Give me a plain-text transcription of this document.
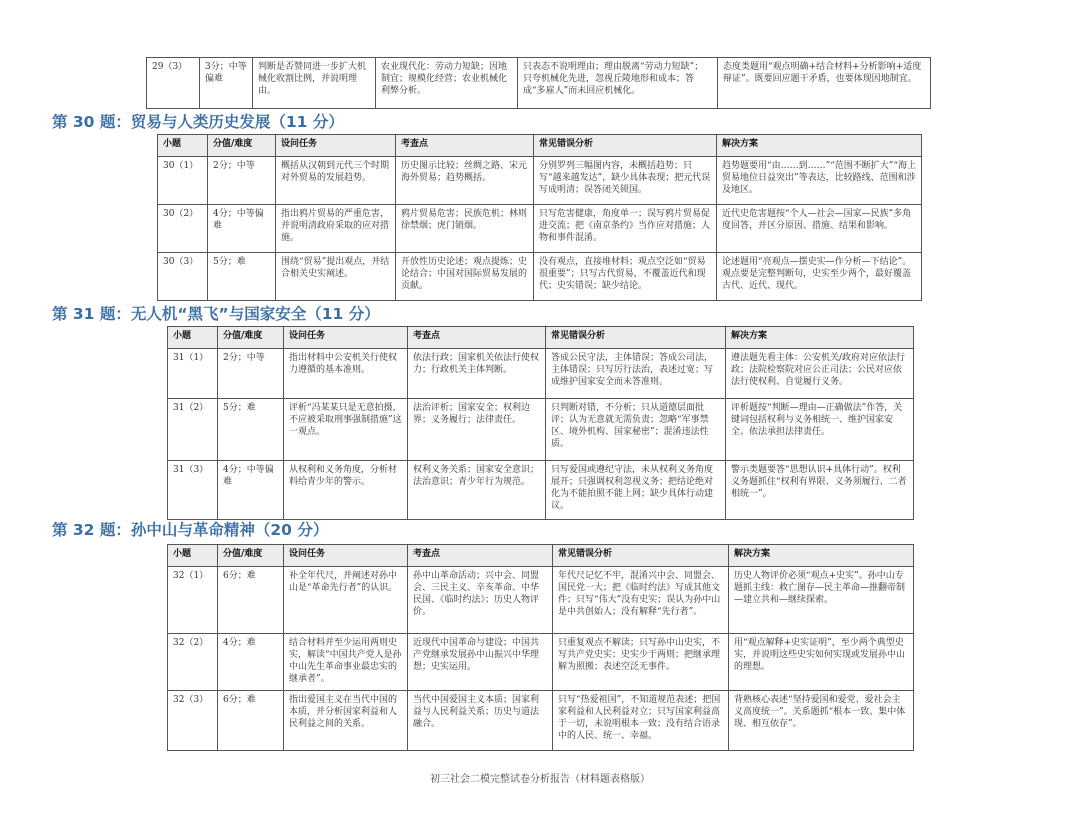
29（3）	3分；中等偏难	判断是否赞同进一步扩大机械化收割比例，并说明理由。	农业现代化：劳动力短缺；因地制宜；规模化经营；农业机械化利弊分析。	只表态不说明理由；理由脱离“劳动力短缺”；只夸机械化先进，忽视丘陵地形和成本；答成“多雇人”而未回应机械化。	态度类题用“观点明确+结合材料+分析影响+适度辩证”。既要回应题干矛盾，也要体现因地制宜。
第 30 题：贸易与人类历史发展（11 分）
小题	分值/难度	设问任务	考查点	常见错误分析	解决方案
30（1）	2分；中等	概括从汉朝到元代三个时期对外贸易的发展趋势。	历史图示比较；丝绸之路、宋元海外贸易；趋势概括。	分别罗列三幅图内容，未概括趋势；只写“越来越发达”，缺少具体表现；把元代误写成明清；误答闭关锁国。	趋势题要用“由……到……”“范围不断扩大”“海上贸易地位日益突出”等表达，比较路线、范围和涉及地区。
30（2）	4分；中等偏难	指出鸦片贸易的严重危害，并说明清政府采取的应对措施。	鸦片贸易危害；民族危机；林则徐禁烟；虎门销烟。	只写危害健康，角度单一；误写鸦片贸易促进交流；把《南京条约》当作应对措施；人物和事件混淆。	近代史危害题按“个人—社会—国家—民族”多角度回答，并区分原因、措施、结果和影响。
30（3）	5分；难	围绕“贸易”提出观点，并结合相关史实阐述。	开放性历史论述；观点提炼；史论结合；中国对国际贸易发展的贡献。	没有观点，直接堆材料；观点空泛如“贸易很重要”；只写古代贸易，不覆盖近代和现代；史实错误；缺少结论。	论述题用“亮观点—摆史实—作分析—下结论”。观点要是完整判断句，史实至少两个，最好覆盖古代、近代、现代。
第 31 题：无人机“黑飞”与国家安全（11 分）
小题	分值/难度	设问任务	考查点	常见错误分析	解决方案
31（1）	2分；中等	指出材料中公安机关行使权力遵循的基本准则。	依法行政；国家机关依法行使权力；行政机关主体判断。	答成公民守法，主体错误；答成公司法，主体错误；只写厉行法治，表述过宽；写成维护国家安全而未答准则。	遵法题先看主体：公安机关/政府对应依法行政；法院检察院对应公正司法；公民对应依法行使权利、自觉履行义务。
31（2）	5分；难	评析“冯某某只是无意拍摄，不应被采取刑事强制措施”这一观点。	法治评析；国家安全；权利边界；义务履行；法律责任。	只判断对错，不分析；只从道德层面批评；认为无意就无需负责；忽略“军事禁区、境外机构、国家秘密”；混淆违法性质。	评析题按“判断—理由—正确做法”作答，关键词包括权利与义务相统一、维护国家安全、依法承担法律责任。
31（3）	4分；中等偏难	从权利和义务角度，分析材料给青少年的警示。	权利义务关系；国家安全意识；法治意识；青少年行为规范。	只写爱国或遵纪守法，未从权利义务角度展开；只强调权利忽视义务；把结论绝对化为不能拍照不能上网；缺少具体行动建议。	警示类题要答“思想认识+具体行动”。权利义务题抓住“权利有界限、义务须履行、二者相统一”。
第 32 题：孙中山与革命精神（20 分）
小题	分值/难度	设问任务	考查点	常见错误分析	解决方案
32（1）	6分；难	补全年代尺，并阐述对孙中山是“革命先行者”的认识。	孙中山革命活动；兴中会、同盟会、三民主义、辛亥革命、中华民国、《临时约法》；历史人物评价。	年代尺记忆不牢，混淆兴中会、同盟会、国民党一大；把《临时约法》写成其他文件；只写“伟大”没有史实；误认为孙中山是中共创始人；没有解释“先行者”。	历史人物评价必须“观点+史实”。孙中山专题抓主线：救亡图存—民主革命—推翻帝制—建立共和—继续探索。
32（2）	4分；难	结合材料并至少运用两则史实，解读“中国共产党人是孙中山先生革命事业最忠实的继承者”。	近现代中国革命与建设；中国共产党继承发展孙中山振兴中华理想；史实运用。	只重复观点不解读；只写孙中山史实，不写共产党史实；史实少于两则；把继承理解为照搬；表述空泛无事件。	用“观点解释+史实证明”，至少两个典型史实，并说明这些史实如何实现或发展孙中山的理想。
32（3）	6分；难	指出爱国主义在当代中国的本质，并分析国家利益和人民利益之间的关系。	当代中国爱国主义本质；国家利益与人民利益关系；历史与道法融合。	只写“热爱祖国”，不知道规范表述；把国家利益和人民利益对立；只写国家利益高于一切，未说明根本一致；没有结合语录中的人民、统一、幸福。	背熟核心表述“坚持爱国和爱党、爱社会主义高度统一”。关系题抓“根本一致、集中体现、相互依存”。
初三社会二模完整试卷分析报告（材料题表格版）
